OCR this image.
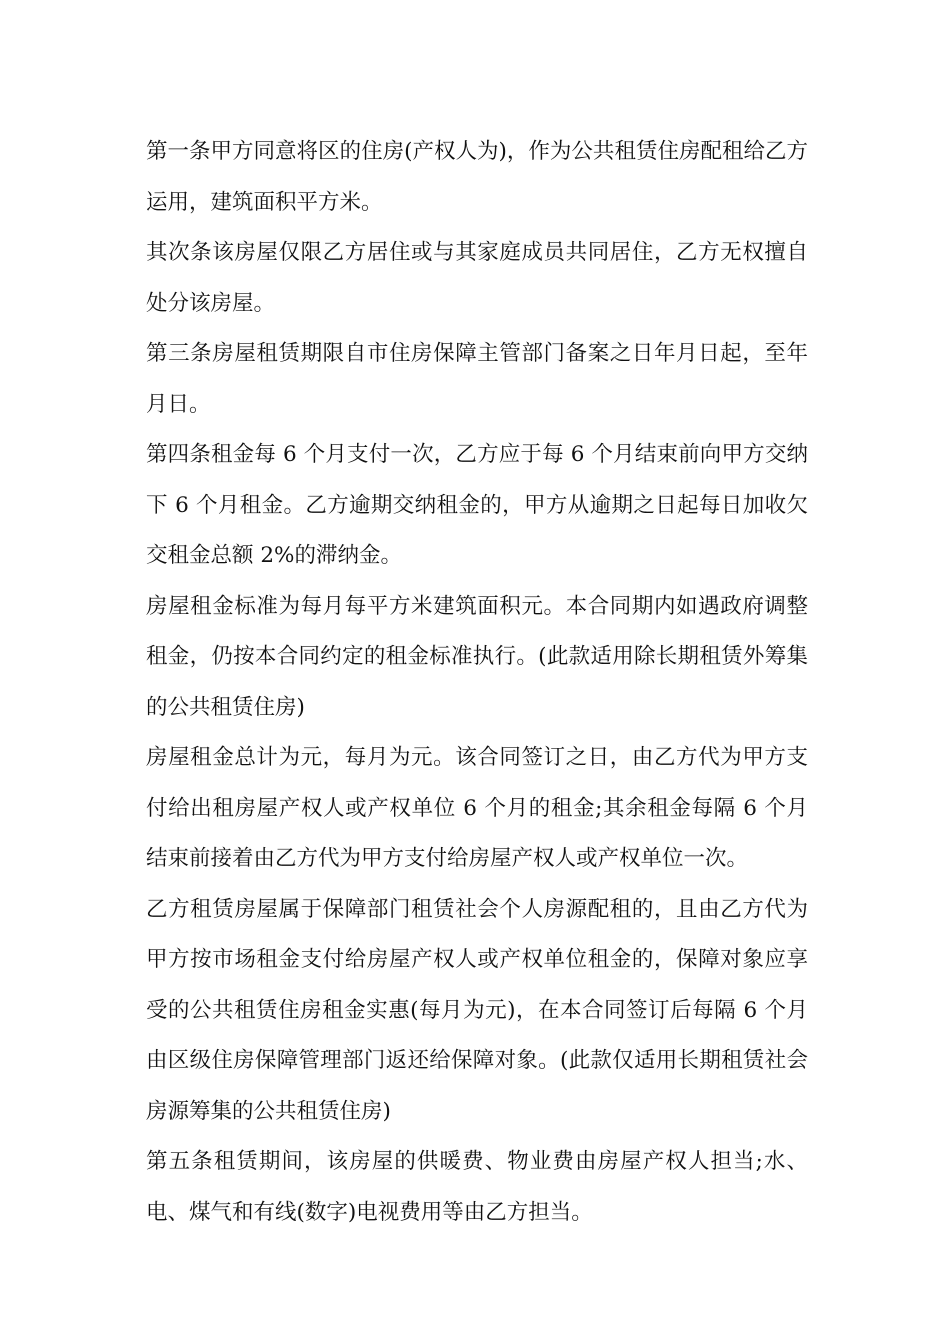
第一条甲方同意将区的住房(产权人为)，作为公共租赁住房配租给乙方运用，建筑面积平方米。

其次条该房屋仅限乙方居住或与其家庭成员共同居住，乙方无权擅自处分该房屋。

第三条房屋租赁期限自市住房保障主管部门备案之日年月日起，至年月日。

第四条租金每 6 个月支付一次，乙方应于每 6 个月结束前向甲方交纳下 6 个月租金。乙方逾期交纳租金的，甲方从逾期之日起每日加收欠交租金总额 2%的滞纳金。

房屋租金标准为每月每平方米建筑面积元。本合同期内如遇政府调整租金，仍按本合同约定的租金标准执行。(此款适用除长期租赁外筹集的公共租赁住房)

房屋租金总计为元，每月为元。该合同签订之日，由乙方代为甲方支付给出租房屋产权人或产权单位 6 个月的租金;其余租金每隔 6 个月结束前接着由乙方代为甲方支付给房屋产权人或产权单位一次。

乙方租赁房屋属于保障部门租赁社会个人房源配租的，且由乙方代为甲方按市场租金支付给房屋产权人或产权单位租金的，保障对象应享受的公共租赁住房租金实惠(每月为元)，在本合同签订后每隔 6 个月由区级住房保障管理部门返还给保障对象。(此款仅适用长期租赁社会房源筹集的公共租赁住房)

第五条租赁期间，该房屋的供暖费、物业费由房屋产权人担当;水、电、煤气和有线(数字)电视费用等由乙方担当。
